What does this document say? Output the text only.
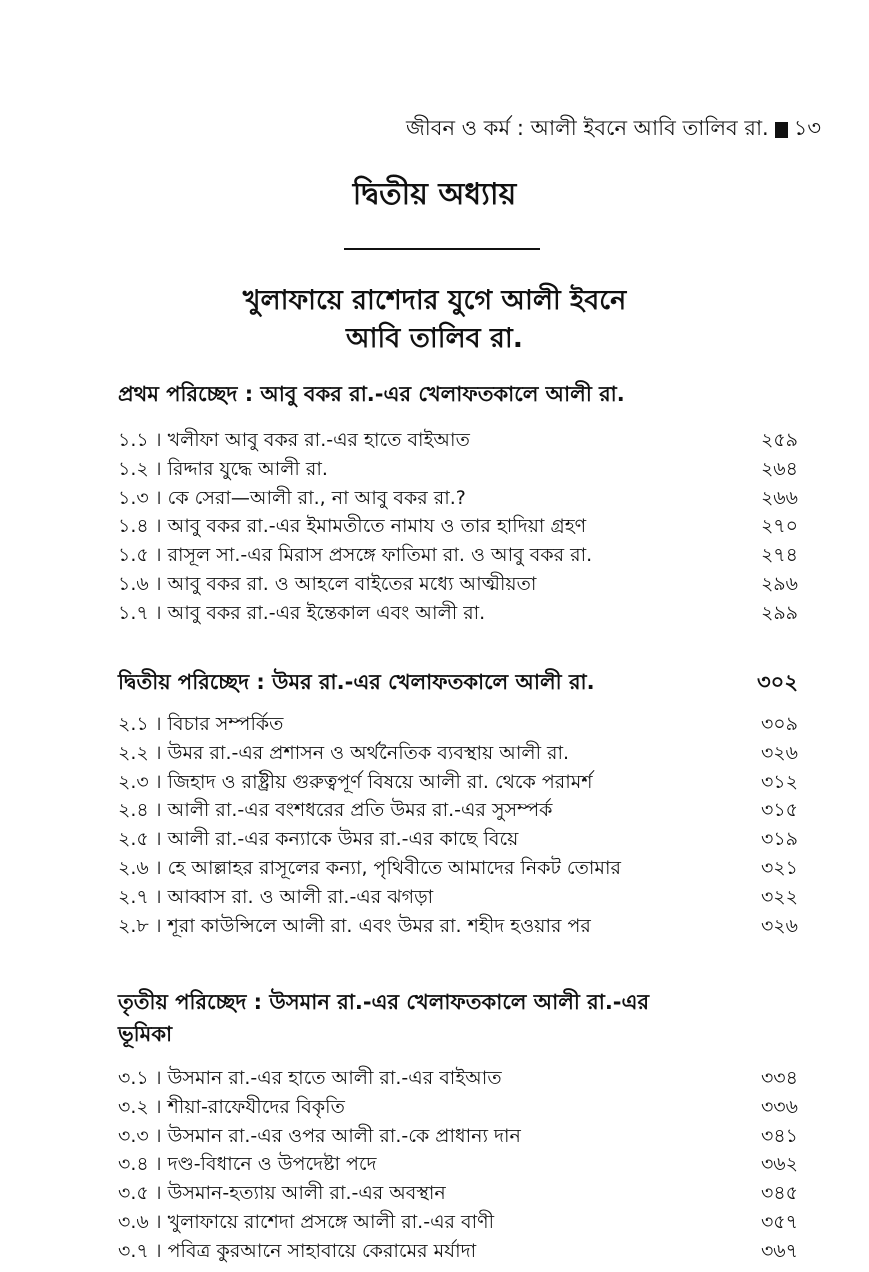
জীবন ও কর্ম : আলী ইবনে আবি তালিব রা. ১৩
দ্বিতীয় অধ্যায়
খুলাফায়ে রাশেদার যুগে আলী ইবনে
আবি তালিব রা.
প্রথম পরিচ্ছেদ : আবু বকর রা.-এর খেলাফতকালে আলী রা.
১.১ । খলীফা আবু বকর রা.-এর হাতে বাইআত	২৫৯
১.২ । রিদ্দার যুদ্ধে আলী রা.	২৬৪
১.৩ । কে সেরা—আলী রা., না আবু বকর রা.?	২৬৬
১.৪ । আবু বকর রা.-এর ইমামতীতে নামায ও তার হাদিয়া গ্রহণ	২৭০
১.৫ । রাসূল সা.-এর মিরাস প্রসঙ্গে ফাতিমা রা. ও আবু বকর রা.	২৭৪
১.৬ । আবু বকর রা. ও আহলে বাইতের মধ্যে আত্মীয়তা	২৯৬
১.৭ । আবু বকর রা.-এর ইন্তেকাল এবং আলী রা.	২৯৯
দ্বিতীয় পরিচ্ছেদ : উমর রা.-এর খেলাফতকালে আলী রা.	৩০২
২.১ । বিচার সম্পর্কিত	৩০৯
২.২ । উমর রা.-এর প্রশাসন ও অর্থনৈতিক ব্যবস্থায় আলী রা.	৩২৬
২.৩ । জিহাদ ও রাষ্ট্রীয় গুরুত্বপূর্ণ বিষয়ে আলী রা. থেকে পরামর্শ	৩১২
২.৪ । আলী রা.-এর বংশধরের প্রতি উমর রা.-এর সুসম্পর্ক	৩১৫
২.৫ । আলী রা.-এর কন্যাকে উমর রা.-এর কাছে বিয়ে	৩১৯
২.৬ । হে আল্লাহর রাসূলের কন্যা, পৃথিবীতে আমাদের নিকট তোমার	৩২১
২.৭ । আব্বাস রা. ও আলী রা.-এর ঝগড়া	৩২২
২.৮ । শূরা কাউন্সিলে আলী রা. এবং উমর রা. শহীদ হওয়ার পর	৩২৬
তৃতীয় পরিচ্ছেদ : উসমান রা.-এর খেলাফতকালে আলী রা.-এর
ভূমিকা
৩.১ । উসমান রা.-এর হাতে আলী রা.-এর বাইআত	৩৩৪
৩.২ । শীয়া-রাফেযীদের বিকৃতি	৩৩৬
৩.৩ । উসমান রা.-এর ওপর আলী রা.-কে প্রাধান্য দান	৩৪১
৩.৪ । দণ্ড-বিধানে ও উপদেষ্টা পদে	৩৬২
৩.৫ । উসমান-হত্যায় আলী রা.-এর অবস্থান	৩৪৫
৩.৬ । খুলাফায়ে রাশেদা প্রসঙ্গে আলী রা.-এর বাণী	৩৫৭
৩.৭ । পবিত্র কুরআনে সাহাবায়ে কেরামের মর্যাদা	৩৬৭
